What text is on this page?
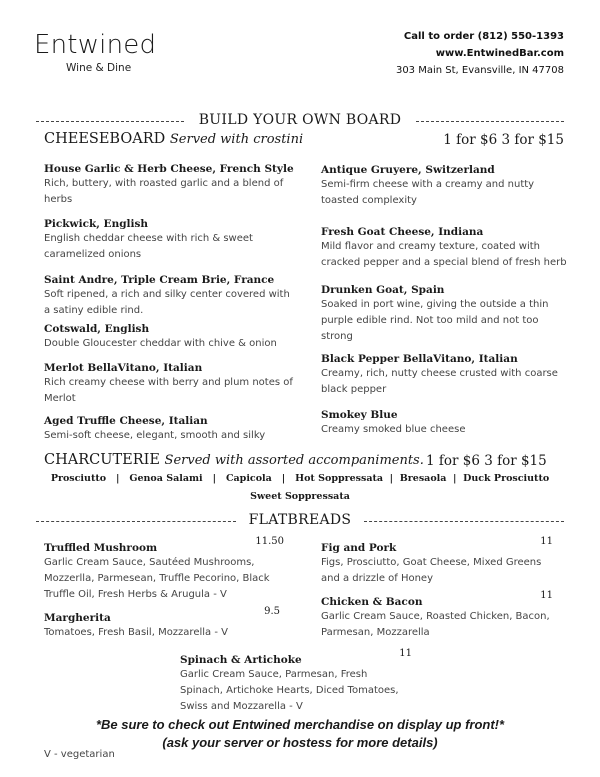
Entwined
Wine & Dine
Call to order (812) 550-1393
www.EntwinedBar.com
303 Main St, Evansville, IN 47708
BUILD YOUR OWN BOARD
CHEESEBOARD Served with crostini	1 for $6 3 for $15
House Garlic & Herb Cheese, French Style
Rich, buttery, with roasted garlic and a blend of herbs
Pickwick, English
English cheddar cheese with rich & sweet caramelized onions
Saint Andre, Triple Cream Brie, France
Soft ripened, a rich and silky center covered with a satiny edible rind.
Cotswald, English
Double Gloucester cheddar with chive & onion
Merlot BellaVitano, Italian
Rich creamy cheese with berry and plum notes of Merlot
Aged Truffle Cheese, Italian
Semi-soft cheese, elegant, smooth and silky
Antique Gruyere, Switzerland
Semi-firm cheese with a creamy and nutty toasted complexity
Fresh Goat Cheese, Indiana
Mild flavor and creamy texture, coated with cracked pepper and a special blend of fresh herb
Drunken Goat, Spain
Soaked in port wine, giving the outside a thin purple edible rind. Not too mild and not too strong
Black Pepper BellaVitano, Italian
Creamy, rich, nutty cheese crusted with coarse black pepper
Smokey Blue
Creamy smoked blue cheese
CHARCUTERIE Served with assorted accompaniments. 1 for $6 3 for $15
Prosciutto   |   Genoa Salami   |   Capicola   |   Hot Soppressata  |  Bresaola  |  Duck Prosciutto
Sweet Soppressata
FLATBREADS
Truffled Mushroom
11.50
Garlic Cream Sauce, Sautéed Mushrooms, Mozzerlla, Parmesean, Truffle Pecorino, Black Truffle Oil, Fresh Herbs & Arugula - V
Margherita
9.5
Tomatoes, Fresh Basil, Mozzarella - V
Fig and Pork
11
Figs, Prosciutto, Goat Cheese, Mixed Greens and a drizzle of Honey
Chicken & Bacon
11
Garlic Cream Sauce, Roasted Chicken, Bacon, Parmesan, Mozzarella
Spinach & Artichoke
11
Garlic Cream Sauce, Parmesan, Fresh Spinach, Artichoke Hearts, Diced Tomatoes, Swiss and Mozzarella - V
*Be sure to check out Entwined merchandise on display up front!*
(ask your server or hostess for more details)
V - vegetarian
